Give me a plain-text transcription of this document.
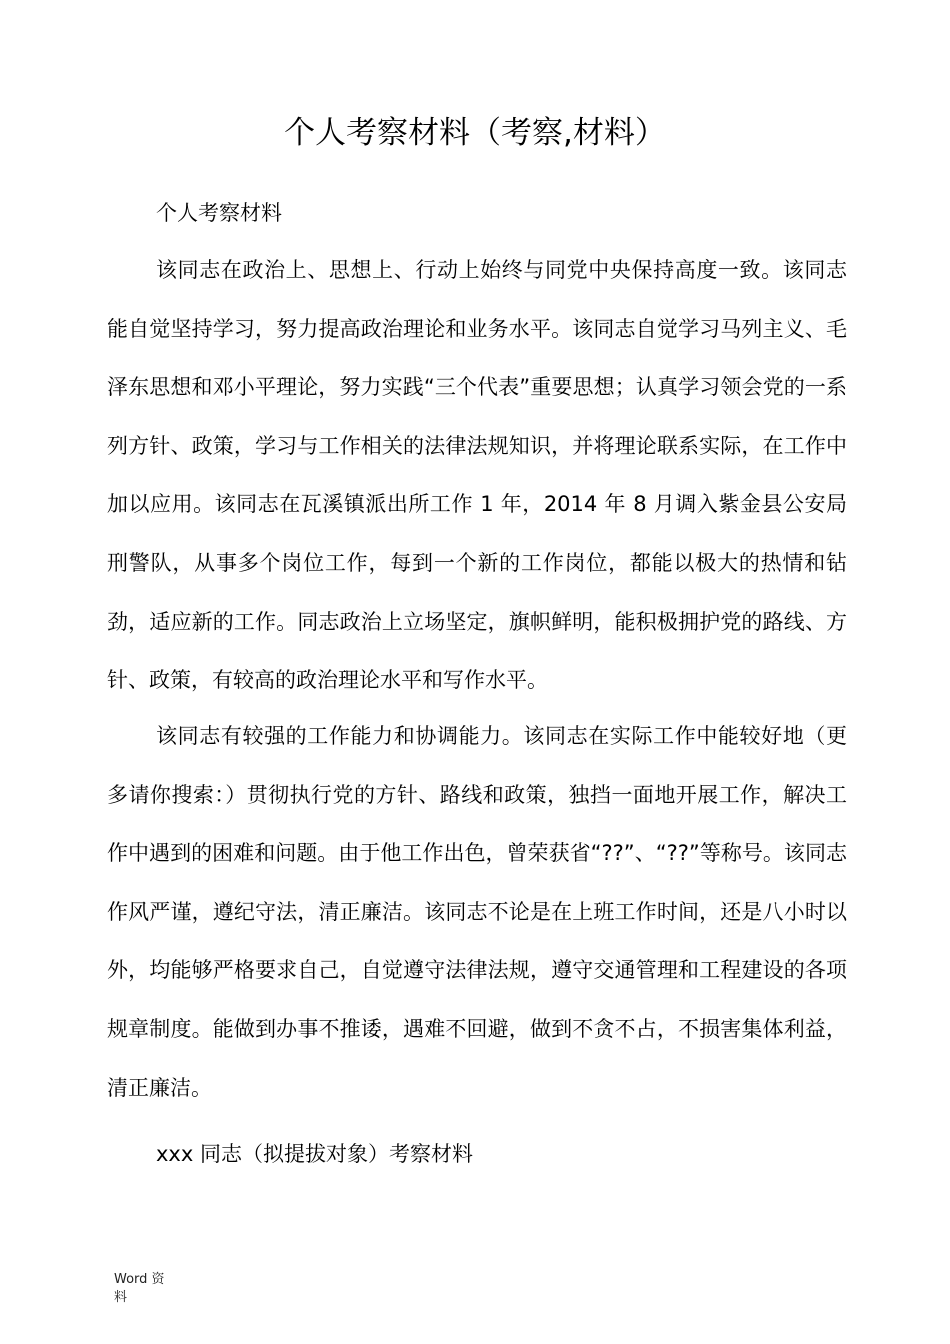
个人考察材料（考察,材料）
个人考察材料

该同志在政治上、思想上、行动上始终与同党中央保持高度一致。该同志能自觉坚持学习，努力提高政治理论和业务水平。该同志自觉学习马列主义、毛泽东思想和邓小平理论，努力实践“三个代表”重要思想；认真学习领会党的一系列方针、政策，学习与工作相关的法律法规知识，并将理论联系实际，在工作中加以应用。该同志在瓦溪镇派出所工作 1 年，2014 年 8 月调入紫金县公安局刑警队，从事多个岗位工作，每到一个新的工作岗位，都能以极大的热情和钻劲，适应新的工作。同志政治上立场坚定，旗帜鲜明，能积极拥护党的路线、方针、政策，有较高的政治理论水平和写作水平。

该同志有较强的工作能力和协调能力。该同志在实际工作中能较好地（更多请你搜索：）贯彻执行党的方针、路线和政策，独挡一面地开展工作，解决工作中遇到的困难和问题。由于他工作出色，曾荣获省“??”、“??”等称号。该同志作风严谨，遵纪守法，清正廉洁。该同志不论是在上班工作时间，还是八小时以外，均能够严格要求自己，自觉遵守法律法规，遵守交通管理和工程建设的各项规章制度。能做到办事不推诿，遇难不回避，做到不贪不占，不损害集体利益，清正廉洁。

xxx 同志（拟提拔对象）考察材料
Word 资料
